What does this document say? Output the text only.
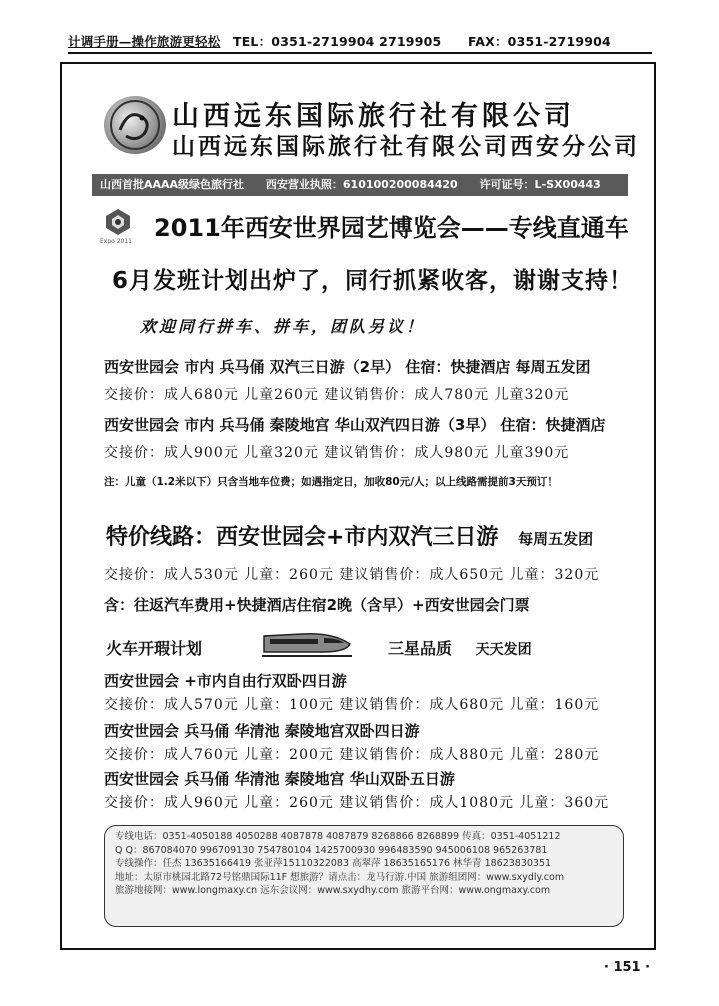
计调手册—操作旅游更轻松 TEL：0351-2719904 2719905 FAX：0351-2719904
山西远东国际旅行社有限公司
山西远东国际旅行社有限公司西安分公司
山西首批AAAA级绿色旅行社 西安营业执照：610100200084420 许可证号：L-SX00443
Expo 2011 2011年西安世界园艺博览会——专线直通车
6月发班计划出炉了，同行抓紧收客，谢谢支持！
欢迎同行拼车、拼车，团队另议！
西安世园会 市内 兵马俑 双汽三日游（2早） 住宿：快捷酒店 每周五发团
交接价：成人680元 儿童260元 建议销售价：成人780元 儿童320元
西安世园会 市内 兵马俑 秦陵地宫 华山双汽四日游（3早） 住宿：快捷酒店
交接价：成人900元 儿童320元 建议销售价：成人980元 儿童390元
注：儿童（1.2米以下）只含当地车位费；如遇指定日，加收80元/人；以上线路需提前3天预订！
特价线路：西安世园会+市内双汽三日游 每周五发团
交接价：成人530元 儿童：260元 建议销售价：成人650元 儿童：320元
含：往返汽车费用+快捷酒店住宿2晚（含早）+西安世园会门票
火车开瑕计划	三星品质 天天发团
西安世园会 +市内自由行双卧四日游
交接价：成人570元 儿童：100元 建议销售价：成人680元 儿童：160元
西安世园会 兵马俑 华清池 秦陵地宫双卧四日游
交接价：成人760元 儿童：200元 建议销售价：成人880元 儿童：280元
西安世园会 兵马俑 华清池 秦陵地宫 华山双卧五日游
交接价：成人960元 儿童：260元 建议销售价：成人1080元 儿童：360元
专线电话：0351-4050188 4050288 4087878 4087879 8268866 8268899 传真：0351-4051212
Q Q：867084070 996709130 754780104 1425700930 996483590 945006108 965263781
专线操作：任杰 13635166419 张亚萍15110322083 高翠萍 18635165176 林华青 18623830351
地址：太原市桃园北路72号铭鼎国际11F 想旅游？请点击：龙马行游.中国 旅游组团网：www.sxydly.com
旅游地接网：www.longmaxy.cn 远东会议网：www.sxydhy.com 旅游平台网：www.ongmaxy.com
· 151 ·
